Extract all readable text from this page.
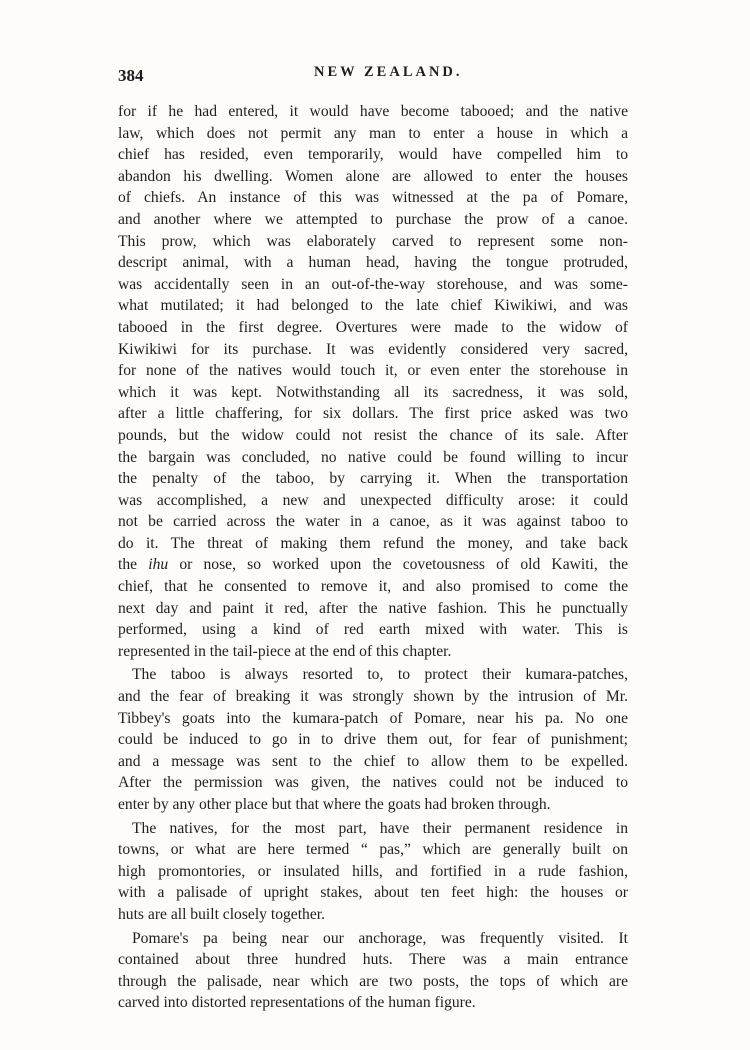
384	NEW ZEALAND.
for if he had entered, it would have become tabooed; and the native
law, which does not permit any man to enter a house in which a
chief has resided, even temporarily, would have compelled him to
abandon his dwelling. Women alone are allowed to enter the houses
of chiefs. An instance of this was witnessed at the pa of Pomare,
and another where we attempted to purchase the prow of a canoe.
This prow, which was elaborately carved to represent some non-
descript animal, with a human head, having the tongue protruded,
was accidentally seen in an out-of-the-way storehouse, and was some-
what mutilated; it had belonged to the late chief Kiwikiwi, and was
tabooed in the first degree. Overtures were made to the widow of
Kiwikiwi for its purchase. It was evidently considered very sacred,
for none of the natives would touch it, or even enter the storehouse in
which it was kept. Notwithstanding all its sacredness, it was sold,
after a little chaffering, for six dollars. The first price asked was two
pounds, but the widow could not resist the chance of its sale. After
the bargain was concluded, no native could be found willing to incur
the penalty of the taboo, by carrying it. When the transportation
was accomplished, a new and unexpected difficulty arose: it could
not be carried across the water in a canoe, as it was against taboo to
do it. The threat of making them refund the money, and take back
the ihu or nose, so worked upon the covetousness of old Kawiti, the
chief, that he consented to remove it, and also promised to come the
next day and paint it red, after the native fashion. This he punctually
performed, using a kind of red earth mixed with water. This is
represented in the tail-piece at the end of this chapter.
The taboo is always resorted to, to protect their kumara-patches,
and the fear of breaking it was strongly shown by the intrusion of Mr.
Tibbey's goats into the kumara-patch of Pomare, near his pa. No one
could be induced to go in to drive them out, for fear of punishment;
and a message was sent to the chief to allow them to be expelled.
After the permission was given, the natives could not be induced to
enter by any other place but that where the goats had broken through.
The natives, for the most part, have their permanent residence in
towns, or what are here termed “ pas,” which are generally built on
high promontories, or insulated hills, and fortified in a rude fashion,
with a palisade of upright stakes, about ten feet high: the houses or
huts are all built closely together.
Pomare's pa being near our anchorage, was frequently visited. It
contained about three hundred huts. There was a main entrance
through the palisade, near which are two posts, the tops of which are
carved into distorted representations of the human figure.
